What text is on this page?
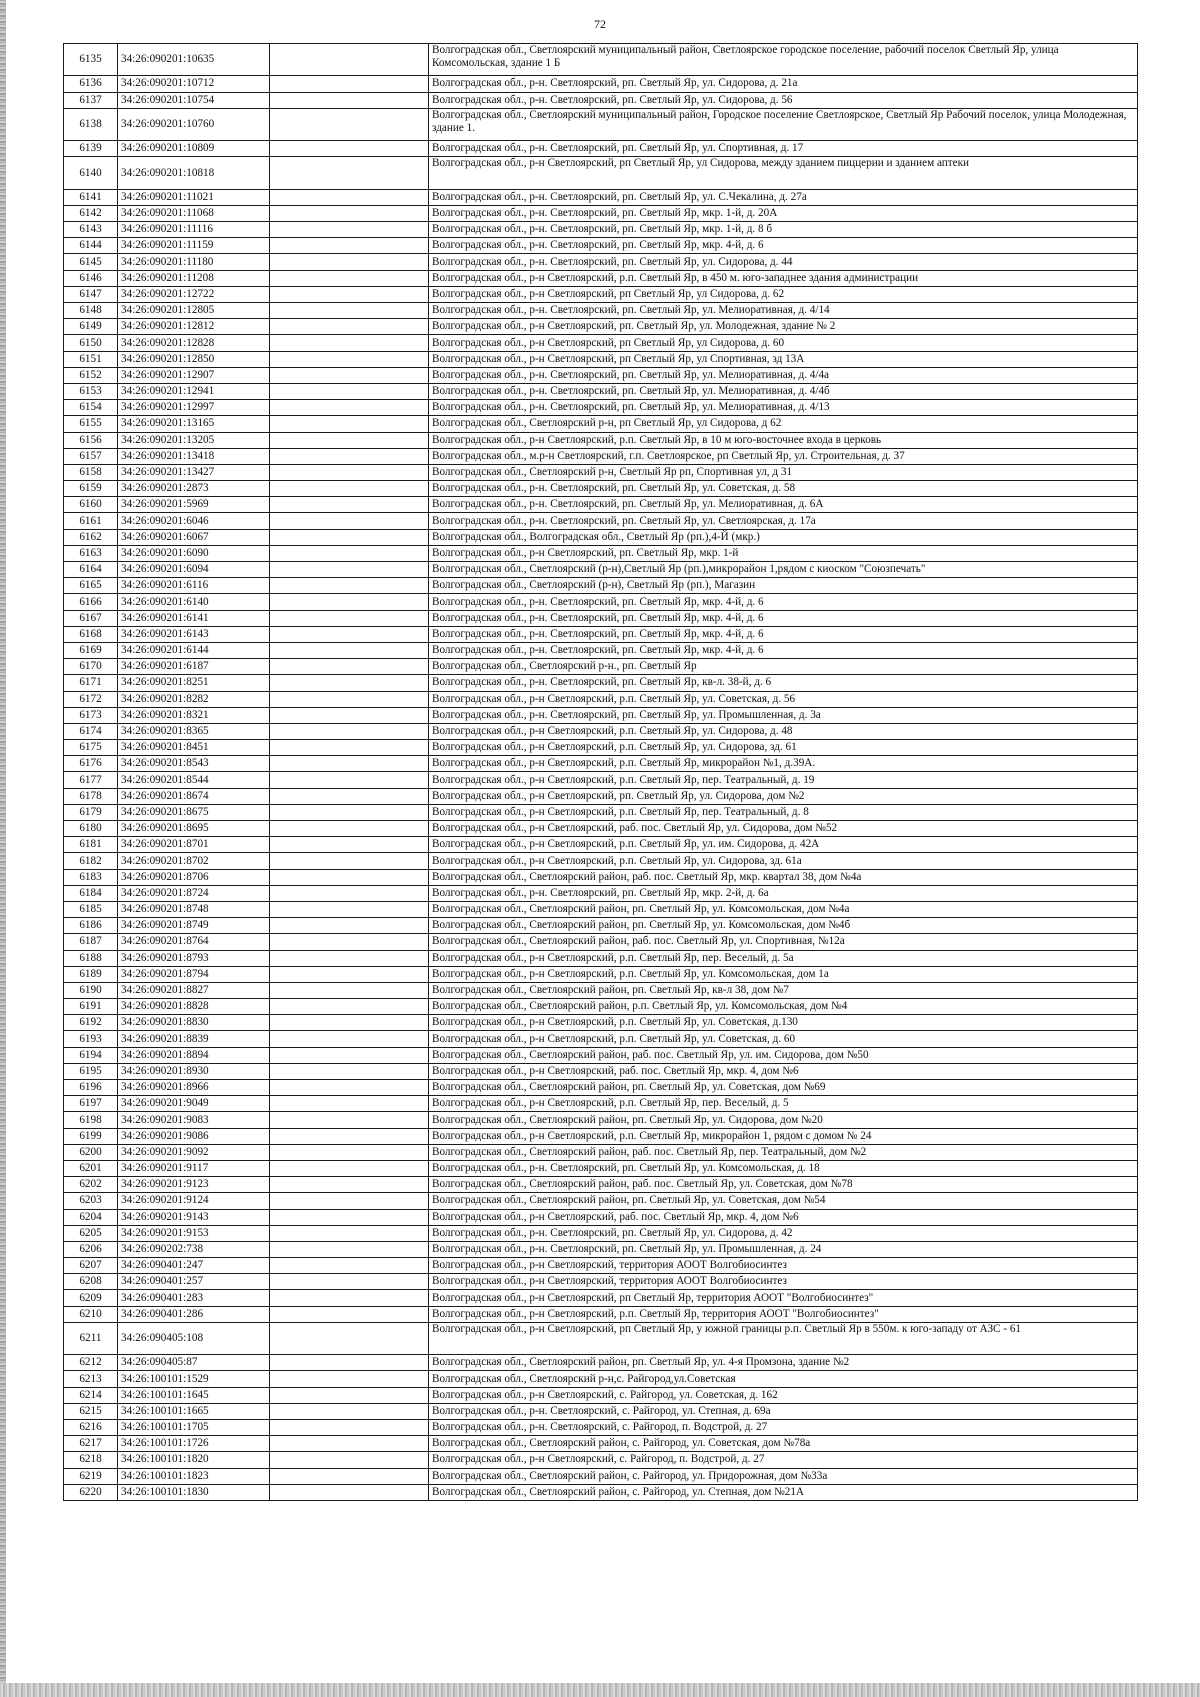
72
6135	34:26:090201:10635		Волгоградская обл., Светлоярский муниципальный район, Светлоярское городское поселение, рабочий поселок Светлый Яр, улица Комсомольская, здание 1 Б
6136	34:26:090201:10712		Волгоградская обл., р-н. Светлоярский, рп. Светлый Яр, ул. Сидорова, д. 21а
6137	34:26:090201:10754		Волгоградская обл., р-н. Светлоярский, рп. Светлый Яр, ул. Сидорова, д. 56
6138	34:26:090201:10760		Волгоградская обл., Светлоярский муниципальный район, Городское поселение Светлоярское, Светлый Яр Рабочий поселок, улица Молодежная, здание 1.
6139	34:26:090201:10809		Волгоградская обл., р-н. Светлоярский, рп. Светлый Яр, ул. Спортивная, д. 17
6140	34:26:090201:10818		Волгоградская обл., р-н Светлоярский, рп Светлый Яр, ул Сидорова, между зданием пиццерии и зданием аптеки
6141	34:26:090201:11021		Волгоградская обл., р-н. Светлоярский, рп. Светлый Яр, ул. С.Чекалина, д. 27а
6142	34:26:090201:11068		Волгоградская обл., р-н. Светлоярский, рп. Светлый Яр, мкр. 1-й, д. 20А
6143	34:26:090201:11116		Волгоградская обл., р-н. Светлоярский, рп. Светлый Яр, мкр. 1-й, д. 8 б
6144	34:26:090201:11159		Волгоградская обл., р-н. Светлоярский, рп. Светлый Яр, мкр. 4-й, д. 6
6145	34:26:090201:11180		Волгоградская обл., р-н. Светлоярский, рп. Светлый Яр, ул. Сидорова, д. 44
6146	34:26:090201:11208		Волгоградская обл., р-н Светлоярский, р.п. Светлый Яр, в 450 м. юго-западнее здания администрации
6147	34:26:090201:12722		Волгоградская обл., р-н Светлоярский, рп Светлый Яр, ул Сидорова, д. 62
6148	34:26:090201:12805		Волгоградская обл., р-н. Светлоярский, рп. Светлый Яр, ул. Мелиоративная, д. 4/14
6149	34:26:090201:12812		Волгоградская обл., р-н Светлоярский, рп. Светлый Яр, ул. Молодежная, здание № 2
6150	34:26:090201:12828		Волгоградская обл., р-н Светлоярский, рп Светлый Яр, ул Сидорова, д. 60
6151	34:26:090201:12850		Волгоградская обл., р-н Светлоярский, рп Светлый Яр, ул Спортивная, зд 13А
6152	34:26:090201:12907		Волгоградская обл., р-н. Светлоярский, рп. Светлый Яр, ул. Мелиоративная, д. 4/4а
6153	34:26:090201:12941		Волгоградская обл., р-н. Светлоярский, рп. Светлый Яр, ул. Мелиоративная, д. 4/4б
6154	34:26:090201:12997		Волгоградская обл., р-н. Светлоярский, рп. Светлый Яр, ул. Мелиоративная, д. 4/13
6155	34:26:090201:13165		Волгоградская обл., Светлоярский р-н, рп Светлый Яр, ул Сидорова, д 62
6156	34:26:090201:13205		Волгоградская обл., р-н Светлоярский, р.п. Светлый Яр, в 10 м юго-восточнее входа в церковь
6157	34:26:090201:13418		Волгоградская обл., м.р-н Светлоярский, г.п. Светлоярское, рп Светлый Яр, ул. Строительная, д. 37
6158	34:26:090201:13427		Волгоградская обл., Светлоярский р-н, Светлый Яр рп, Спортивная ул, д 31
6159	34:26:090201:2873		Волгоградская обл., р-н. Светлоярский, рп. Светлый Яр, ул. Советская, д. 58
6160	34:26:090201:5969		Волгоградская обл., р-н. Светлоярский, рп. Светлый Яр, ул. Мелиоративная, д. 6А
6161	34:26:090201:6046		Волгоградская обл., р-н. Светлоярский, рп. Светлый Яр, ул. Светлоярская, д. 17а
6162	34:26:090201:6067		Волгоградская обл., Волгоградская обл., Светлый Яр (рп.),4-Й (мкр.)
6163	34:26:090201:6090		Волгоградская обл., р-н Светлоярский, рп. Светлый Яр, мкр. 1-й
6164	34:26:090201:6094		Волгоградская обл., Светлоярский (р-н),Светлый Яр (рп.),микрорайон 1,рядом с киоском "Союзпечать"
6165	34:26:090201:6116		Волгоградская обл., Светлоярский (р-н), Светлый Яр (рп.), Магазин
6166	34:26:090201:6140		Волгоградская обл., р-н. Светлоярский, рп. Светлый Яр, мкр. 4-й, д. 6
6167	34:26:090201:6141		Волгоградская обл., р-н. Светлоярский, рп. Светлый Яр, мкр. 4-й, д. 6
6168	34:26:090201:6143		Волгоградская обл., р-н. Светлоярский, рп. Светлый Яр, мкр. 4-й, д. 6
6169	34:26:090201:6144		Волгоградская обл., р-н. Светлоярский, рп. Светлый Яр, мкр. 4-й, д. 6
6170	34:26:090201:6187		Волгоградская обл., Светлоярский р-н., рп. Светлый Яр
6171	34:26:090201:8251		Волгоградская обл., р-н. Светлоярский, рп. Светлый Яр, кв-л. 38-й, д. 6
6172	34:26:090201:8282		Волгоградская обл., р-н Светлоярский, р.п. Светлый Яр, ул. Советская, д. 56
6173	34:26:090201:8321		Волгоградская обл., р-н. Светлоярский, рп. Светлый Яр, ул. Промышленная, д. 3а
6174	34:26:090201:8365		Волгоградская обл., р-н Светлоярский, р.п. Светлый Яр, ул. Сидорова, д. 48
6175	34:26:090201:8451		Волгоградская обл., р-н Светлоярский, р.п. Светлый Яр, ул. Сидорова, зд. 61
6176	34:26:090201:8543		Волгоградская обл., р-н Светлоярский, р.п. Светлый Яр, микрорайон №1, д.39А.
6177	34:26:090201:8544		Волгоградская обл., р-н Светлоярский, р.п. Светлый Яр, пер. Театральный, д. 19
6178	34:26:090201:8674		Волгоградская обл., р-н Светлоярский, рп. Светлый Яр, ул. Сидорова, дом №2
6179	34:26:090201:8675		Волгоградская обл., р-н Светлоярский, р.п. Светлый Яр, пер. Театральный, д. 8
6180	34:26:090201:8695		Волгоградская обл., р-н Светлоярский, раб. пос. Светлый Яр, ул. Сидорова, дом №52
6181	34:26:090201:8701		Волгоградская обл., р-н Светлоярский, р.п. Светлый Яр, ул. им. Сидорова, д. 42А
6182	34:26:090201:8702		Волгоградская обл., р-н Светлоярский, р.п. Светлый Яр, ул. Сидорова, зд. 61а
6183	34:26:090201:8706		Волгоградская обл., Светлоярский район, раб. пос. Светлый Яр, мкр. квартал 38, дом №4а
6184	34:26:090201:8724		Волгоградская обл., р-н. Светлоярский, рп. Светлый Яр, мкр. 2-й, д. 6а
6185	34:26:090201:8748		Волгоградская обл., Светлоярский район, рп. Светлый Яр, ул. Комсомольская, дом №4а
6186	34:26:090201:8749		Волгоградская обл., Светлоярский район, рп. Светлый Яр, ул. Комсомольская, дом №4б
6187	34:26:090201:8764		Волгоградская обл., Светлоярский район, раб. пос. Светлый Яр, ул. Спортивная, №12а
6188	34:26:090201:8793		Волгоградская обл., р-н Светлоярский, р.п. Светлый Яр, пер. Веселый, д. 5а
6189	34:26:090201:8794		Волгоградская обл., р-н Светлоярский, р.п. Светлый Яр, ул. Комсомольская, дом 1а
6190	34:26:090201:8827		Волгоградская обл., Светлоярский район, рп. Светлый Яр, кв-л 38, дом №7
6191	34:26:090201:8828		Волгоградская обл., Светлоярский район, р.п. Светлый Яр, ул. Комсомольская, дом №4
6192	34:26:090201:8830		Волгоградская обл., р-н Светлоярский, р.п. Светлый Яр, ул. Советская, д.130
6193	34:26:090201:8839		Волгоградская обл., р-н Светлоярский, р.п. Светлый Яр, ул. Советская, д. 60
6194	34:26:090201:8894		Волгоградская обл., Светлоярский район, раб. пос. Светлый Яр, ул. им. Сидорова, дом №50
6195	34:26:090201:8930		Волгоградская обл., р-н Светлоярский, раб. пос. Светлый Яр, мкр. 4, дом №6
6196	34:26:090201:8966		Волгоградская обл., Светлоярский район, рп. Светлый Яр, ул. Советская, дом №69
6197	34:26:090201:9049		Волгоградская обл., р-н Светлоярский, р.п. Светлый Яр, пер. Веселый, д. 5
6198	34:26:090201:9083		Волгоградская обл., Светлоярский район, рп. Светлый Яр, ул. Сидорова, дом №20
6199	34:26:090201:9086		Волгоградская обл., р-н Светлоярский, р.п. Светлый Яр, микрорайон 1, рядом с домом № 24
6200	34:26:090201:9092		Волгоградская обл., Светлоярский район, раб. пос. Светлый Яр, пер. Театральный, дом №2
6201	34:26:090201:9117		Волгоградская обл., р-н. Светлоярский, рп. Светлый Яр, ул. Комсомольская, д. 18
6202	34:26:090201:9123		Волгоградская обл., Светлоярский район, раб. пос. Светлый Яр, ул. Советская, дом №78
6203	34:26:090201:9124		Волгоградская обл., Светлоярский район, рп. Светлый Яр, ул. Советская, дом №54
6204	34:26:090201:9143		Волгоградская обл., р-н Светлоярский, раб. пос. Светлый Яр, мкр. 4, дом №6
6205	34:26:090201:9153		Волгоградская обл., р-н. Светлоярский, рп. Светлый Яр, ул. Сидорова, д. 42
6206	34:26:090202:738		Волгоградская обл., р-н. Светлоярский, рп. Светлый Яр, ул. Промышленная, д. 24
6207	34:26:090401:247		Волгоградская обл., р-н Светлоярский, территория АООТ Волгобиосинтез
6208	34:26:090401:257		Волгоградская обл., р-н Светлоярский, территория АООТ Волгобиосинтез
6209	34:26:090401:283		Волгоградская обл., р-н Светлоярский, рп Светлый Яр, территория АООТ "Волгобиосинтез"
6210	34:26:090401:286		Волгоградская обл., р-н Светлоярский, р.п. Светлый Яр, территория АООТ "Волгобиосинтез"
6211	34:26:090405:108		Волгоградская обл., р-н Светлоярский, рп Светлый Яр, у южной границы р.п. Светлый Яр в 550м. к юго-западу от АЗС - 61
6212	34:26:090405:87		Волгоградская обл., Светлоярский район, рп. Светлый Яр, ул. 4-я Промзона, здание №2
6213	34:26:100101:1529		Волгоградская обл., Светлоярский р-н,с. Райгород,ул.Советская
6214	34:26:100101:1645		Волгоградская обл., р-н Светлоярский, с. Райгород, ул. Советская, д. 162
6215	34:26:100101:1665		Волгоградская обл., р-н. Светлоярский, с. Райгород, ул. Степная, д. 69а
6216	34:26:100101:1705		Волгоградская обл., р-н. Светлоярский, с. Райгород, п. Водстрой, д. 27
6217	34:26:100101:1726		Волгоградская обл., Светлоярский район, с. Райгород, ул. Советская, дом №78а
6218	34:26:100101:1820		Волгоградская обл., р-н Светлоярский, с. Райгород, п. Водстрой, д. 27
6219	34:26:100101:1823		Волгоградская обл., Светлоярский район, с. Райгород, ул. Придорожная, дом №33а
6220	34:26:100101:1830		Волгоградская обл., Светлоярский район, с. Райгород, ул. Степная, дом №21А
